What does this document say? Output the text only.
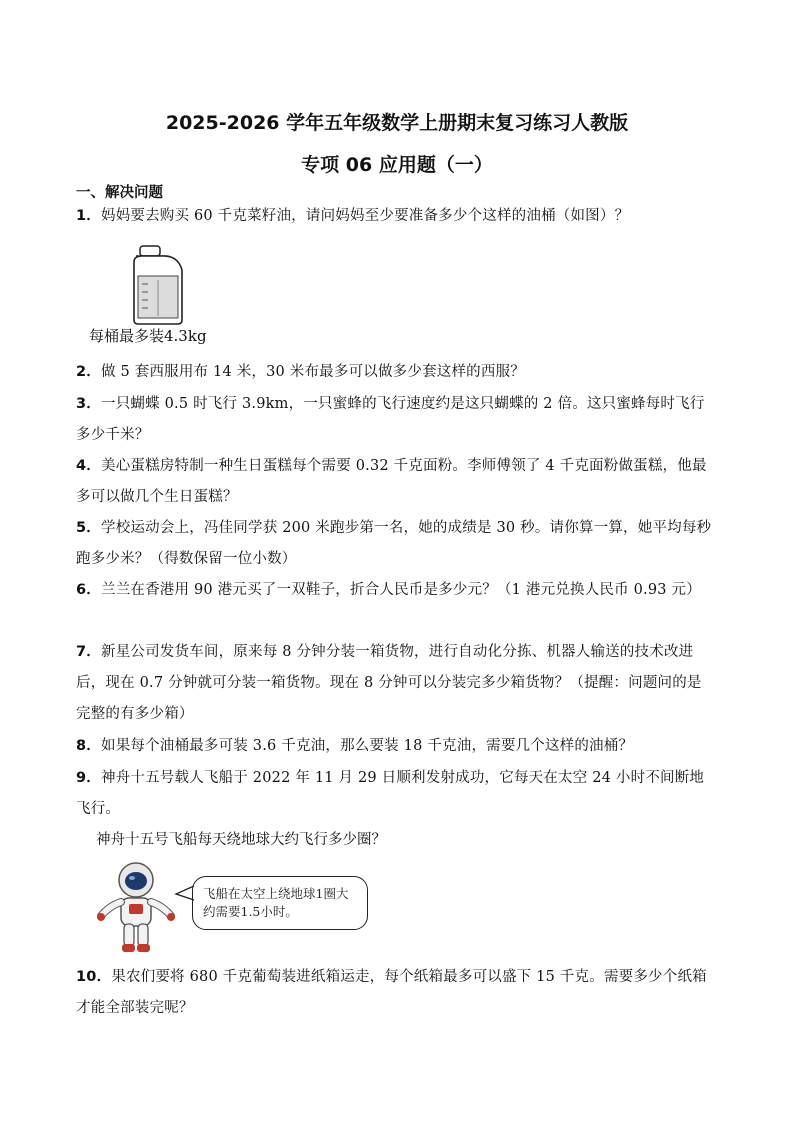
2025-2026 学年五年级数学上册期末复习练习人教版
专项 06 应用题（一）

一、解决问题

1．妈妈要去购买 60 千克菜籽油，请问妈妈至少要准备多少个这样的油桶（如图）？

每桶最多装4.3kg

2．做 5 套西服用布 14 米，30 米布最多可以做多少套这样的西服？

3．一只蝴蝶 0.5 时飞行 3.9km，一只蜜蜂的飞行速度约是这只蝴蝶的 2 倍。这只蜜蜂每时飞行多少千米？

4．美心蛋糕房特制一种生日蛋糕每个需要 0.32 千克面粉。李师傅领了 4 千克面粉做蛋糕，他最多可以做几个生日蛋糕？

5．学校运动会上，冯佳同学获 200 米跑步第一名，她的成绩是 30 秒。请你算一算，她平均每秒跑多少米？（得数保留一位小数）

6．兰兰在香港用 90 港元买了一双鞋子，折合人民币是多少元？（1 港元兑换人民币 0.93 元）

7．新星公司发货车间，原来每 8 分钟分装一箱货物，进行自动化分拣、机器人输送的技术改进后，现在 0.7 分钟就可分装一箱货物。现在 8 分钟可以分装完多少箱货物？（提醒：问题问的是完整的有多少箱）

8．如果每个油桶最多可装 3.6 千克油，那么要装 18 千克油，需要几个这样的油桶？

9．神舟十五号载人飞船于 2022 年 11 月 29 日顺利发射成功，它每天在太空 24 小时不间断地飞行。

神舟十五号飞船每天绕地球大约飞行多少圈？

飞船在太空上绕地球1圈大约需要1.5小时。

10．果农们要将 680 千克葡萄装进纸箱运走，每个纸箱最多可以盛下 15 千克。需要多少个纸箱才能全部装完呢？
